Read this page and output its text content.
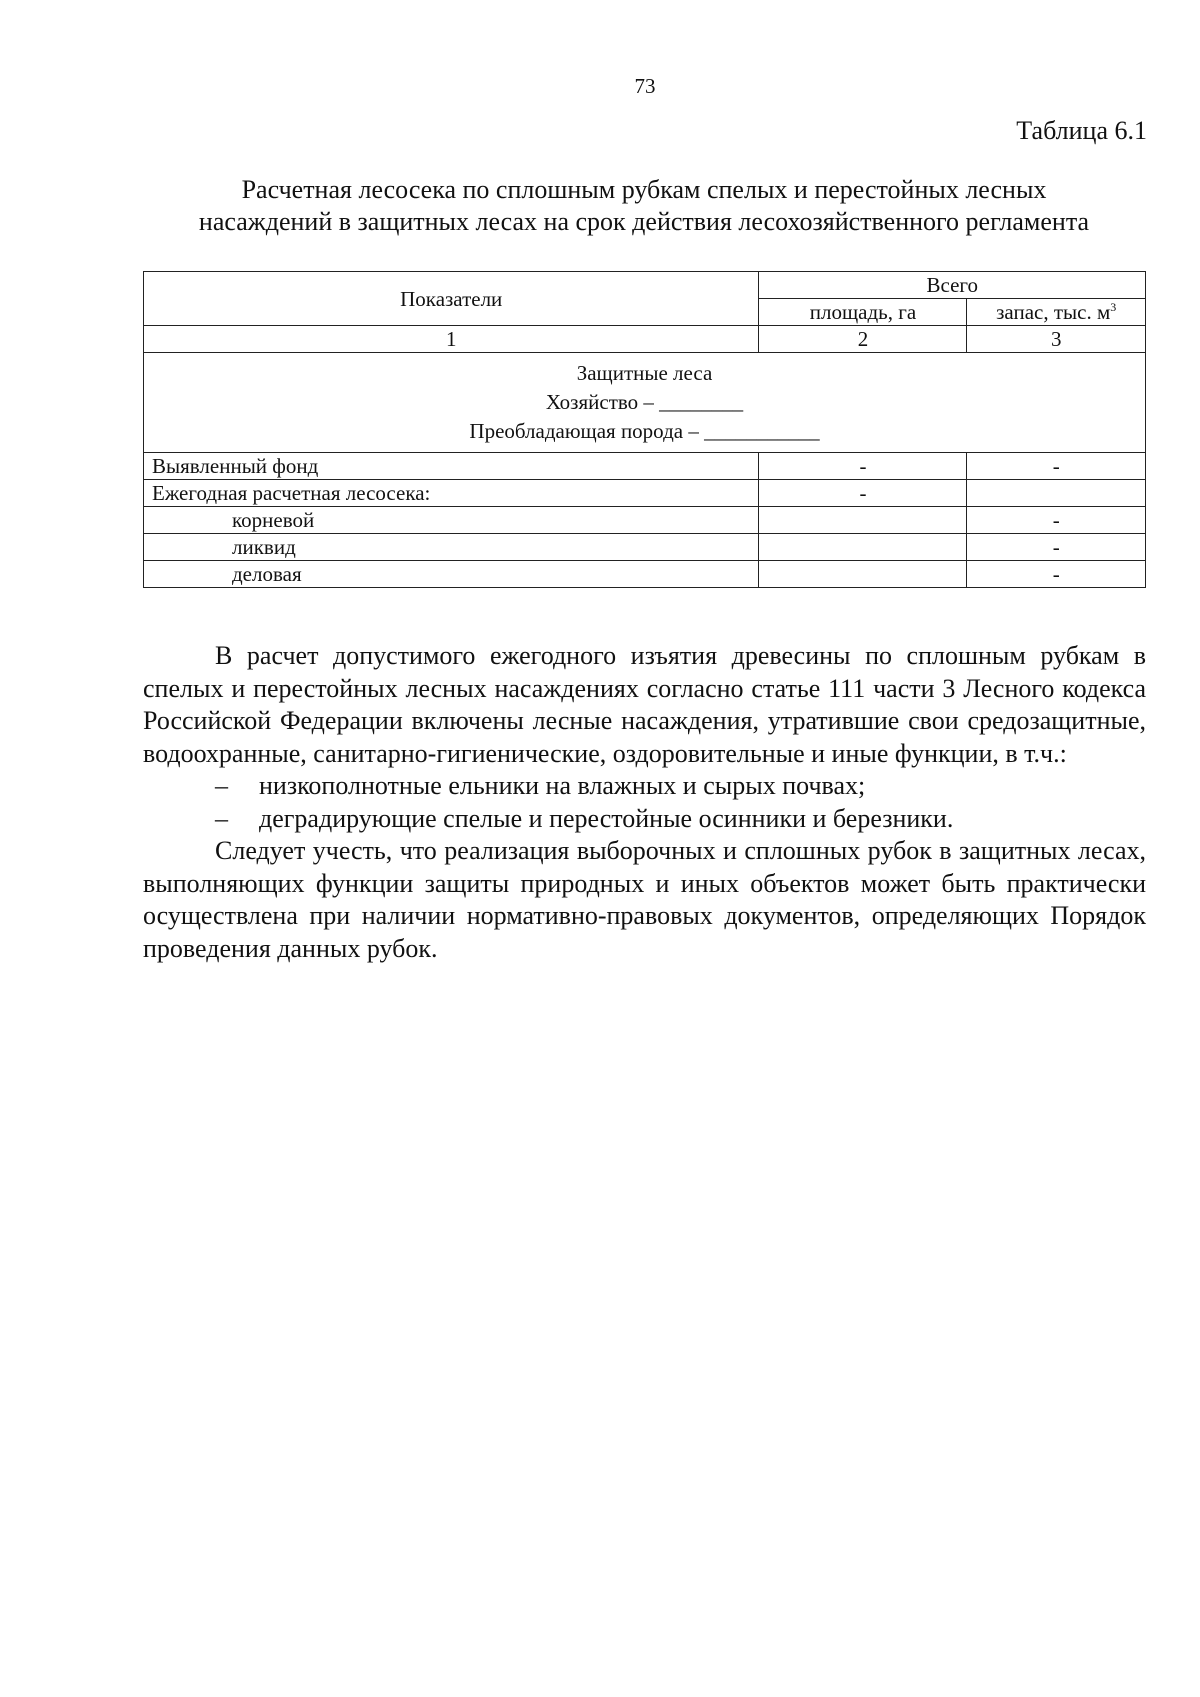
73
Таблица 6.1
Расчетная лесосека по сплошным рубкам спелых и перестойных лесных
насаждений в защитных лесах на срок действия лесохозяйственного регламента
Показатели	Всего	
	площадь, га	запас, тыс. $м^3$
1	2	3

Защитные леса
Хозяйство – ________
Преобладающая порода – ___________		

Выявленный фонд	-	-
Ежегодная расчетная лесосека:	-	
корневой		-
ликвид		-
деловая		-

В расчет допустимого ежегодного изъятия древесины по сплошным рубкам в спелых и перестойных лесных насаждениях согласно статье 111 части 3 Лесного кодекса Российской Федерации включены лесные насаждения, утратившие свои средозащитные, водоохранные, санитарно-гигиенические, оздоровительные и иные функции, в т.ч.:

– низкополнотные ельники на влажных и сырых почвах;

– деградирующие спелые и перестойные осинники и березники.

Следует учесть, что реализация выборочных и сплошных рубок в защитных лесах, выполняющих функции защиты природных и иных объектов может быть практически осуществлена при наличии нормативно-правовых документов, определяющих Порядок проведения данных рубок.
